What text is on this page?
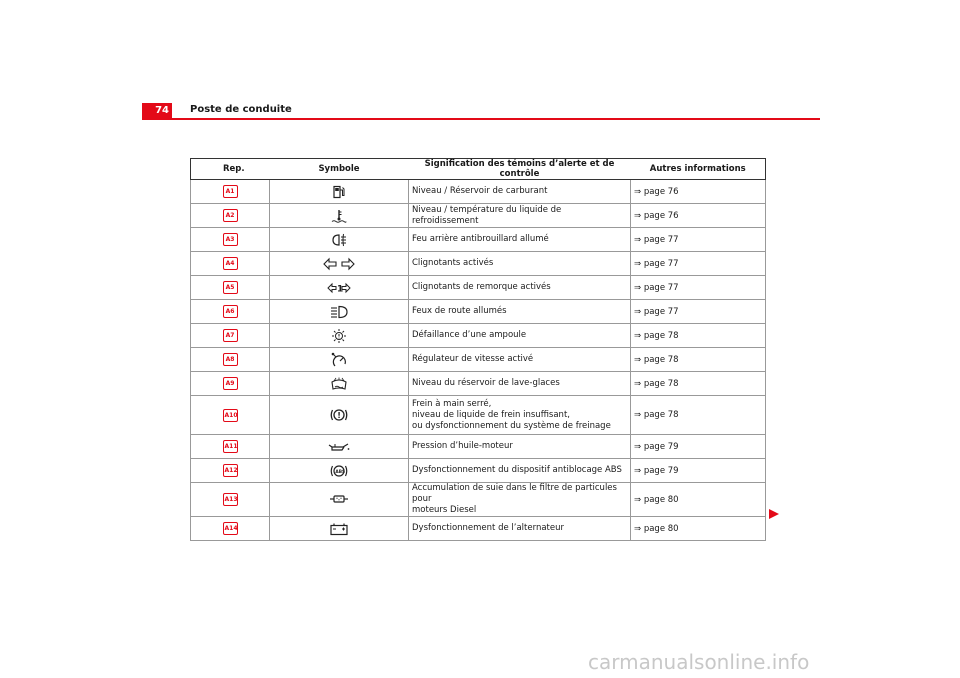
74	Poste de conduite
Rep.	Symbole	Signification des témoins d’alerte et de contrôle	Autres informations
A1		Niveau / Réservoir de carburant	⇒ page 76
A2		Niveau / température du liquide de refroidissement	⇒ page 76
A3		Feu arrière antibrouillard allumé	⇒ page 77
A4		Clignotants activés	⇒ page 77
A5	1	Clignotants de remorque activés	⇒ page 77
A6		Feux de route allumés	⇒ page 77
A7		Défaillance d’une ampoule	⇒ page 78
A8		Régulateur de vitesse activé	⇒ page 78
A9		Niveau du réservoir de lave-glaces	⇒ page 78
A10	!	Frein à main serré,
niveau de liquide de frein insuffisant,
ou dysfonctionnement du système de freinage	⇒ page 78
A11		Pression d’huile-moteur	⇒ page 79
A12	ABS	Dysfonctionnement du dispositif antiblocage ABS	⇒ page 79
A13		Accumulation de suie dans le filtre de particules pour
moteurs Diesel	⇒ page 80
A14		Dysfonctionnement de l’alternateur	⇒ page 80
carmanualsonline.info
